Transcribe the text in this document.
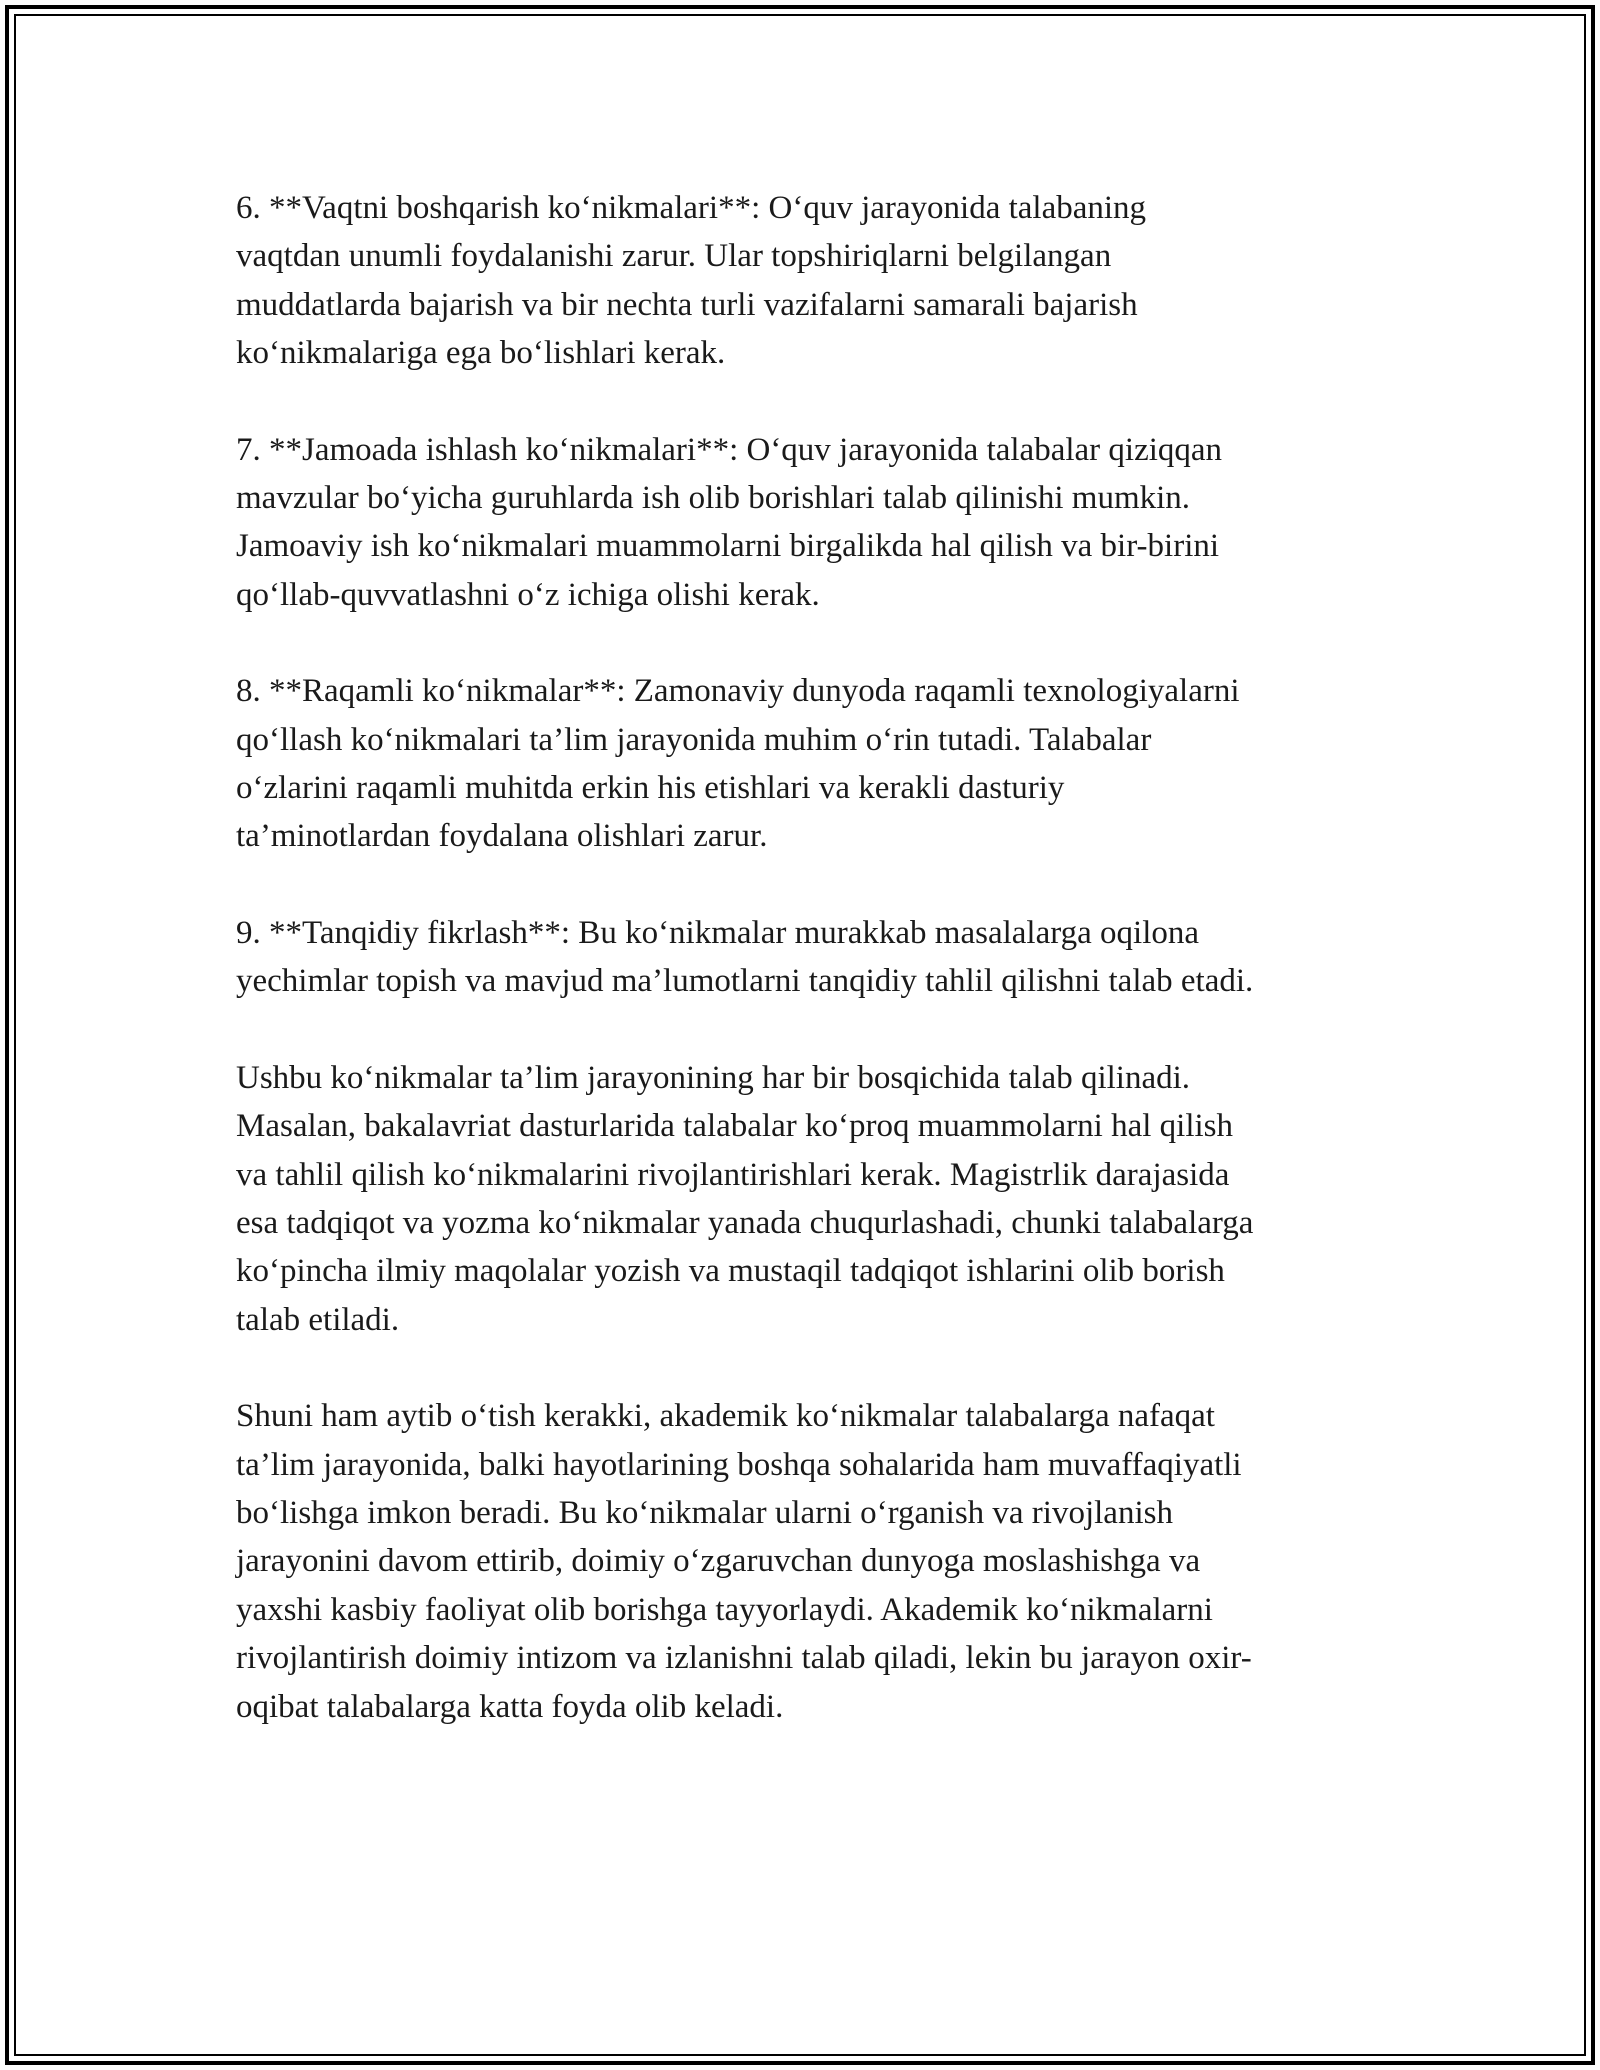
6. **Vaqtni boshqarish ko‘nikmalari**: O‘quv jarayonida talabaning
vaqtdan unumli foydalanishi zarur. Ular topshiriqlarni belgilangan
muddatlarda bajarish va bir nechta turli vazifalarni samarali bajarish
ko‘nikmalariga ega bo‘lishlari kerak.

7. **Jamoada ishlash ko‘nikmalari**: O‘quv jarayonida talabalar qiziqqan
mavzular bo‘yicha guruhlarda ish olib borishlari talab qilinishi mumkin.
Jamoaviy ish ko‘nikmalari muammolarni birgalikda hal qilish va bir-birini
qo‘llab-quvvatlashni o‘z ichiga olishi kerak.

8. **Raqamli ko‘nikmalar**: Zamonaviy dunyoda raqamli texnologiyalarni
qo‘llash ko‘nikmalari ta’lim jarayonida muhim o‘rin tutadi. Talabalar
o‘zlarini raqamli muhitda erkin his etishlari va kerakli dasturiy
ta’minotlardan foydalana olishlari zarur.

9. **Tanqidiy fikrlash**: Bu ko‘nikmalar murakkab masalalarga oqilona
yechimlar topish va mavjud ma’lumotlarni tanqidiy tahlil qilishni talab etadi.

Ushbu ko‘nikmalar ta’lim jarayonining har bir bosqichida talab qilinadi.
Masalan, bakalavriat dasturlarida talabalar ko‘proq muammolarni hal qilish
va tahlil qilish ko‘nikmalarini rivojlantirishlari kerak. Magistrlik darajasida
esa tadqiqot va yozma ko‘nikmalar yanada chuqurlashadi, chunki talabalarga
ko‘pincha ilmiy maqolalar yozish va mustaqil tadqiqot ishlarini olib borish
talab etiladi.

Shuni ham aytib o‘tish kerakki, akademik ko‘nikmalar talabalarga nafaqat
ta’lim jarayonida, balki hayotlarining boshqa sohalarida ham muvaffaqiyatli
bo‘lishga imkon beradi. Bu ko‘nikmalar ularni o‘rganish va rivojlanish
jarayonini davom ettirib, doimiy o‘zgaruvchan dunyoga moslashishga va
yaxshi kasbiy faoliyat olib borishga tayyorlaydi. Akademik ko‘nikmalarni
rivojlantirish doimiy intizom va izlanishni talab qiladi, lekin bu jarayon oxir-
oqibat talabalarga katta foyda olib keladi.
